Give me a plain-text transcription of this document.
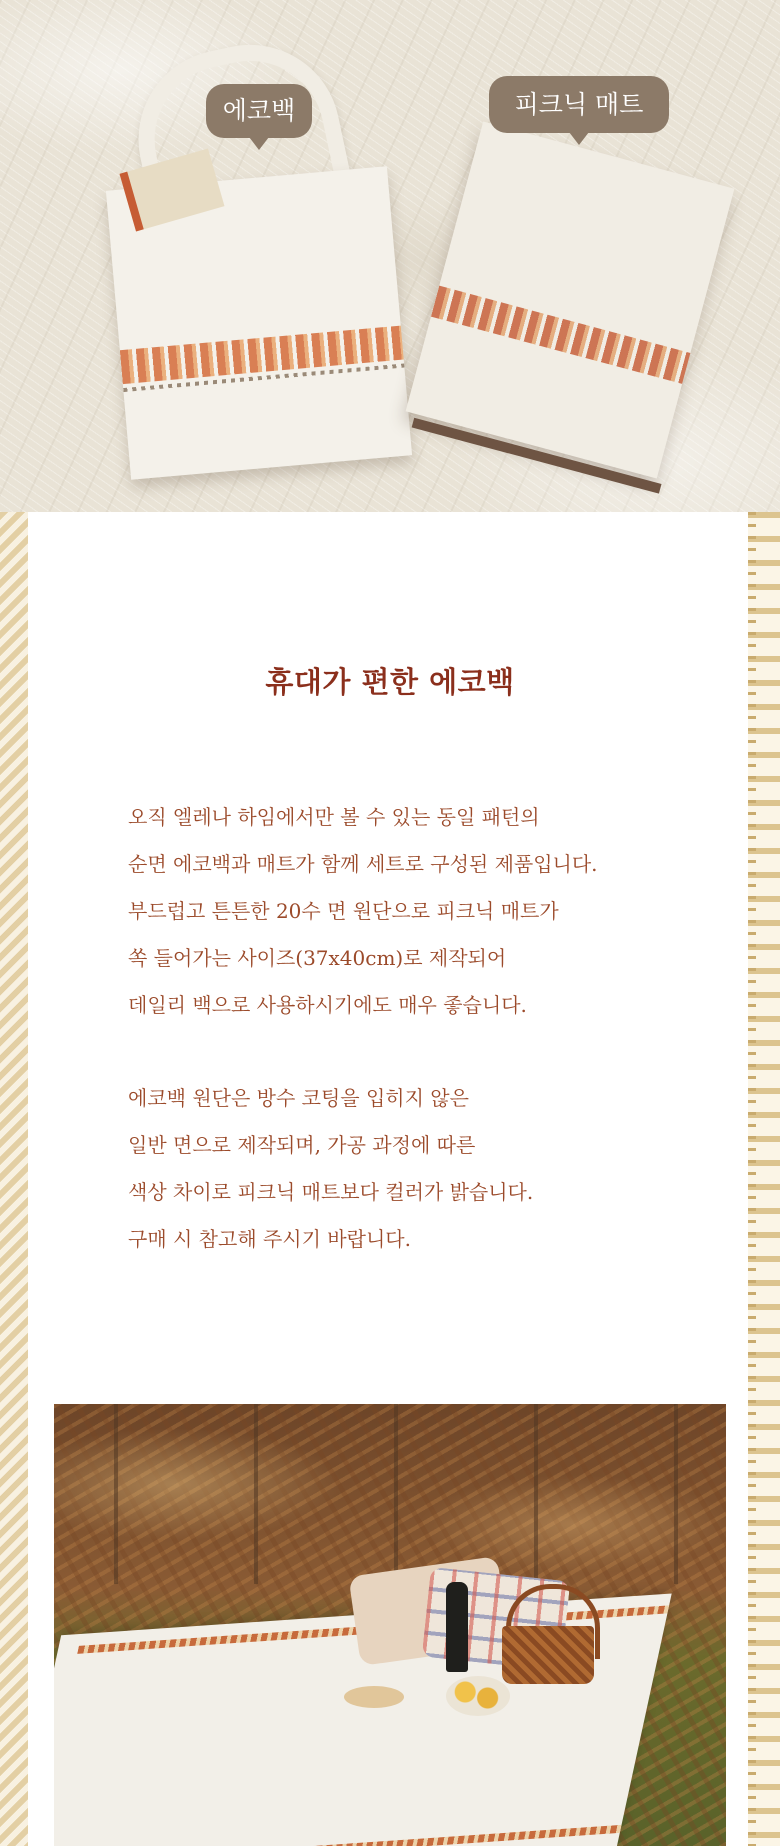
에코백	피크닉 매트
휴대가 편한 에코백
오직 엘레나 하임에서만 볼 수 있는 동일 패턴의
순면 에코백과 매트가 함께 세트로 구성된 제품입니다.
부드럽고 튼튼한 20수 면 원단으로 피크닉 매트가
쏙 들어가는 사이즈(37x40cm)로 제작되어
데일리 백으로 사용하시기에도 매우 좋습니다.
에코백 원단은 방수 코팅을 입히지 않은
일반 면으로 제작되며, 가공 과정에 따른
색상 차이로 피크닉 매트보다 컬러가 밝습니다.
구매 시 참고해 주시기 바랍니다.
